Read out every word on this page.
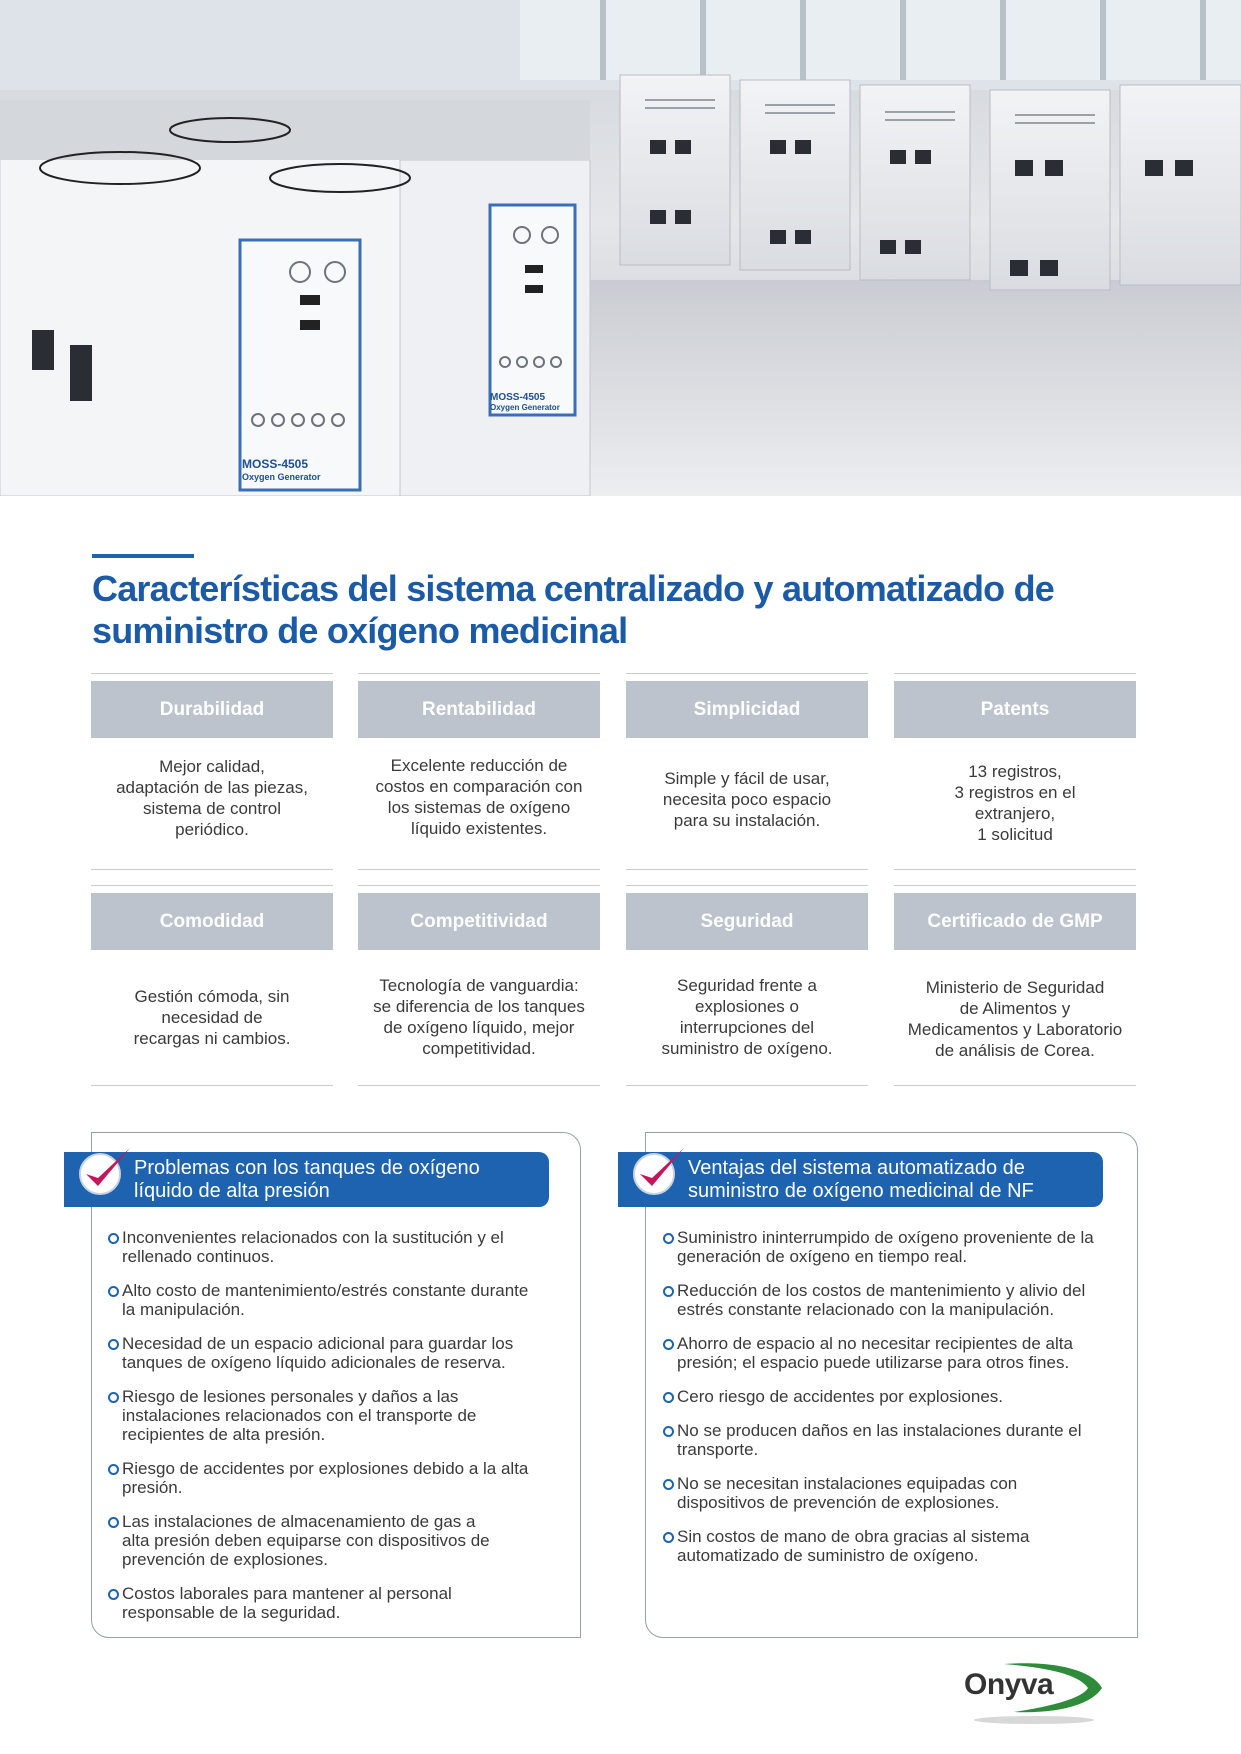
MOSS-4505
Oxygen Generator
MOSS-4505
Oxygen Generator
Características del sistema centralizado y automatizado de
suministro de oxígeno medicinal
Durabilidad
Mejor calidad,
adaptación de las piezas,
sistema de control
periódico.
Rentabilidad
Excelente reducción de
costos en comparación con
los sistemas de oxígeno
líquido existentes.
Simplicidad
Simple y fácil de usar,
necesita poco espacio
para su instalación.
Patents
13 registros,
3 registros en el
extranjero,
1 solicitud
Comodidad
Gestión cómoda, sin
necesidad de
recargas ni cambios.
Competitividad
Tecnología de vanguardia:
se diferencia de los tanques
de oxígeno líquido, mejor
competitividad.
Seguridad
Seguridad frente a
explosiones o
interrupciones del
suministro de oxígeno.
Certificado de GMP
Ministerio de Seguridad
de Alimentos y
Medicamentos y Laboratorio
de análisis de Corea.
Problemas con los tanques de oxígeno
líquido de alta presión
Inconvenientes relacionados con la sustitución y el
rellenado continuos.
Alto costo de mantenimiento/estrés constante durante
la manipulación.
Necesidad de un espacio adicional para guardar los
tanques de oxígeno líquido adicionales de reserva.
Riesgo de lesiones personales y daños a las
instalaciones relacionados con el transporte de
recipientes de alta presión.
Riesgo de accidentes por explosiones debido a la alta
presión.
Las instalaciones de almacenamiento de gas a
alta presión deben equiparse con dispositivos de
prevención de explosiones.
Costos laborales para mantener al personal
responsable de la seguridad.
Ventajas del sistema automatizado de
suministro de oxígeno medicinal de NF
Suministro ininterrumpido de oxígeno proveniente de la
generación de oxígeno en tiempo real.
Reducción de los costos de mantenimiento y alivio del
estrés constante relacionado con la manipulación.
Ahorro de espacio al no necesitar recipientes de alta
presión; el espacio puede utilizarse para otros fines.
Cero riesgo de accidentes por explosiones.
No se producen daños en las instalaciones durante el
transporte.
No se necesitan instalaciones equipadas con
dispositivos de prevención de explosiones.
Sin costos de mano de obra gracias al sistema
automatizado de suministro de oxígeno.
Onyva
